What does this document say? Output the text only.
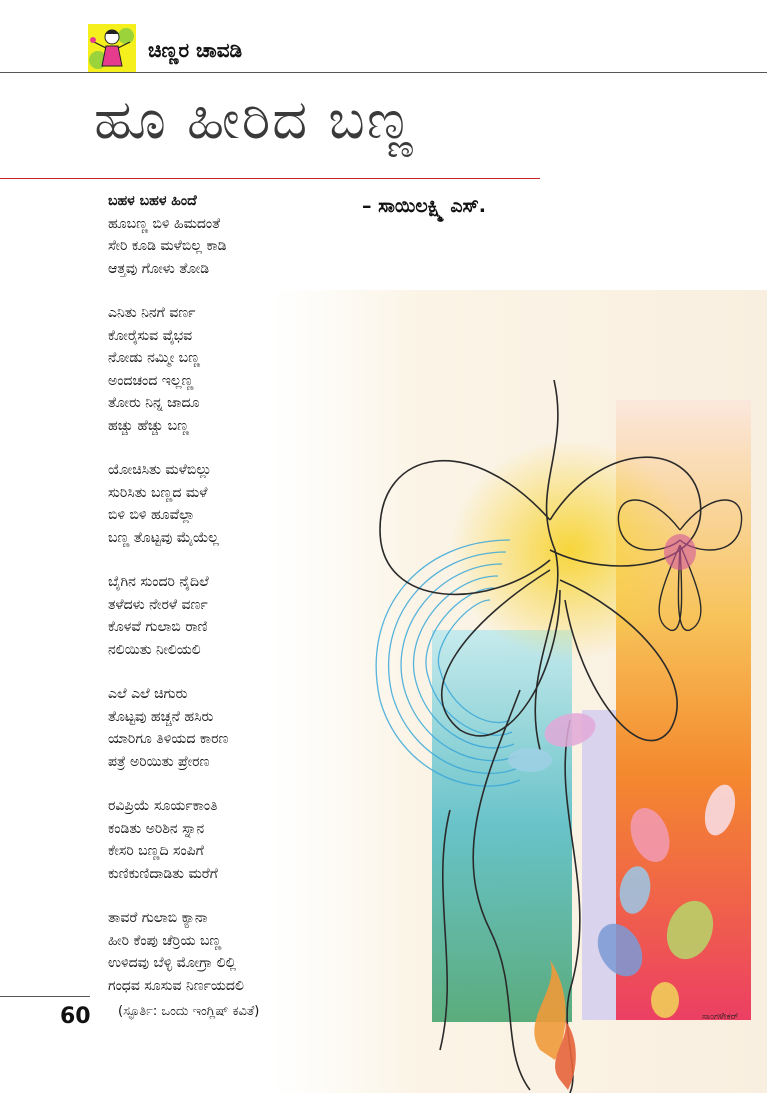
ಚಿಣ್ಣರ ಚಾವಡಿ
ಹೂ ಹೀರಿದ ಬಣ್ಣ
– ಸಾಯಿಲಕ್ಷ್ಮಿ ಎಸ್.
ಬಹಳ ಬಹಳ ಹಿಂದೆ
ಹೂಬಣ್ಣ ಬಿಳಿ ಹಿಮದಂತೆ
ಸೇರಿ ಕೂಡಿ ಮಳೆಬಿಲ್ಲ ಕಾಡಿ
ಆತ್ತವು ಗೋಳು ತೋಡಿ
ಎನಿತು ನಿನಗೆ ವರ್ಣ
ಕೋರೈಸುವ ವೈಭವ
ನೋಡು ನಮ್ಮೀ ಬಣ್ಣ
ಅಂದಚಂದ ಇಲ್ಲಣ್ಣ
ತೋರು ನಿನ್ನ ಜಾದೂ
ಹಚ್ಚು ಹೆಚ್ಚು ಬಣ್ಣ
ಯೋಚಿಸಿತು ಮಳೆಬಿಲ್ಲು
ಸುರಿಸಿತು ಬಣ್ಣದ ಮಳೆ
ಬಿಳಿ ಬಿಳಿ ಹೂವೆಲ್ಲಾ
ಬಣ್ಣ ತೊಟ್ಟವು ಮೈಯೆಲ್ಲ
ಬೈಗಿನ ಸುಂದರಿ ನೈದಿಲೆ
ತಳೆದಳು ನೇರಳೆ ವರ್ಣ
ಕೊಳವೆ ಗುಲಾಬಿ ರಾಣಿ
ನಲಿಯಿತು ನೀಲಿಯಲಿ
ಎಲೆ ಎಲೆ ಚಿಗುರು
ತೊಟ್ಟವು ಹಚ್ಚನೆ ಹಸಿರು
ಯಾರಿಗೂ ತಿಳಿಯದ ಕಾರಣ
ಪತ್ರೆ ಅರಿಯಿತು ಪ್ರೇರಣ
ರವಿಪ್ರಿಯೆ ಸೂರ್ಯಕಾಂತಿ
ಕಂಡಿತು ಅರಿಶಿನ ಸ್ನಾನ
ಕೇಸರಿ ಬಣ್ಣದಿ ಸಂಪಿಗೆ
ಕುಣಿಕುಣಿದಾಡಿತು ಮರೆಗೆ
ತಾವರೆ ಗುಲಾಬಿ ಕ್ಯಾನಾ
ಹೀರಿ ಕೆಂಪು ಚೆರ್ರಿಯ ಬಣ್ಣ
ಉಳಿದವು ಬೆಳ್ಳಿ ಮೋಗ್ರಾ ಲಿಲ್ಲಿ
ಗಂಧವ ಸೂಸುವ ನಿರ್ಣಯದಲಿ
60 (ಸ್ಫೂರ್ತಿ: ಒಂದು ಇಂಗ್ಲಿಷ್ ಕವಿತೆ)	ಸಾಂಗಳೇಕರ್
